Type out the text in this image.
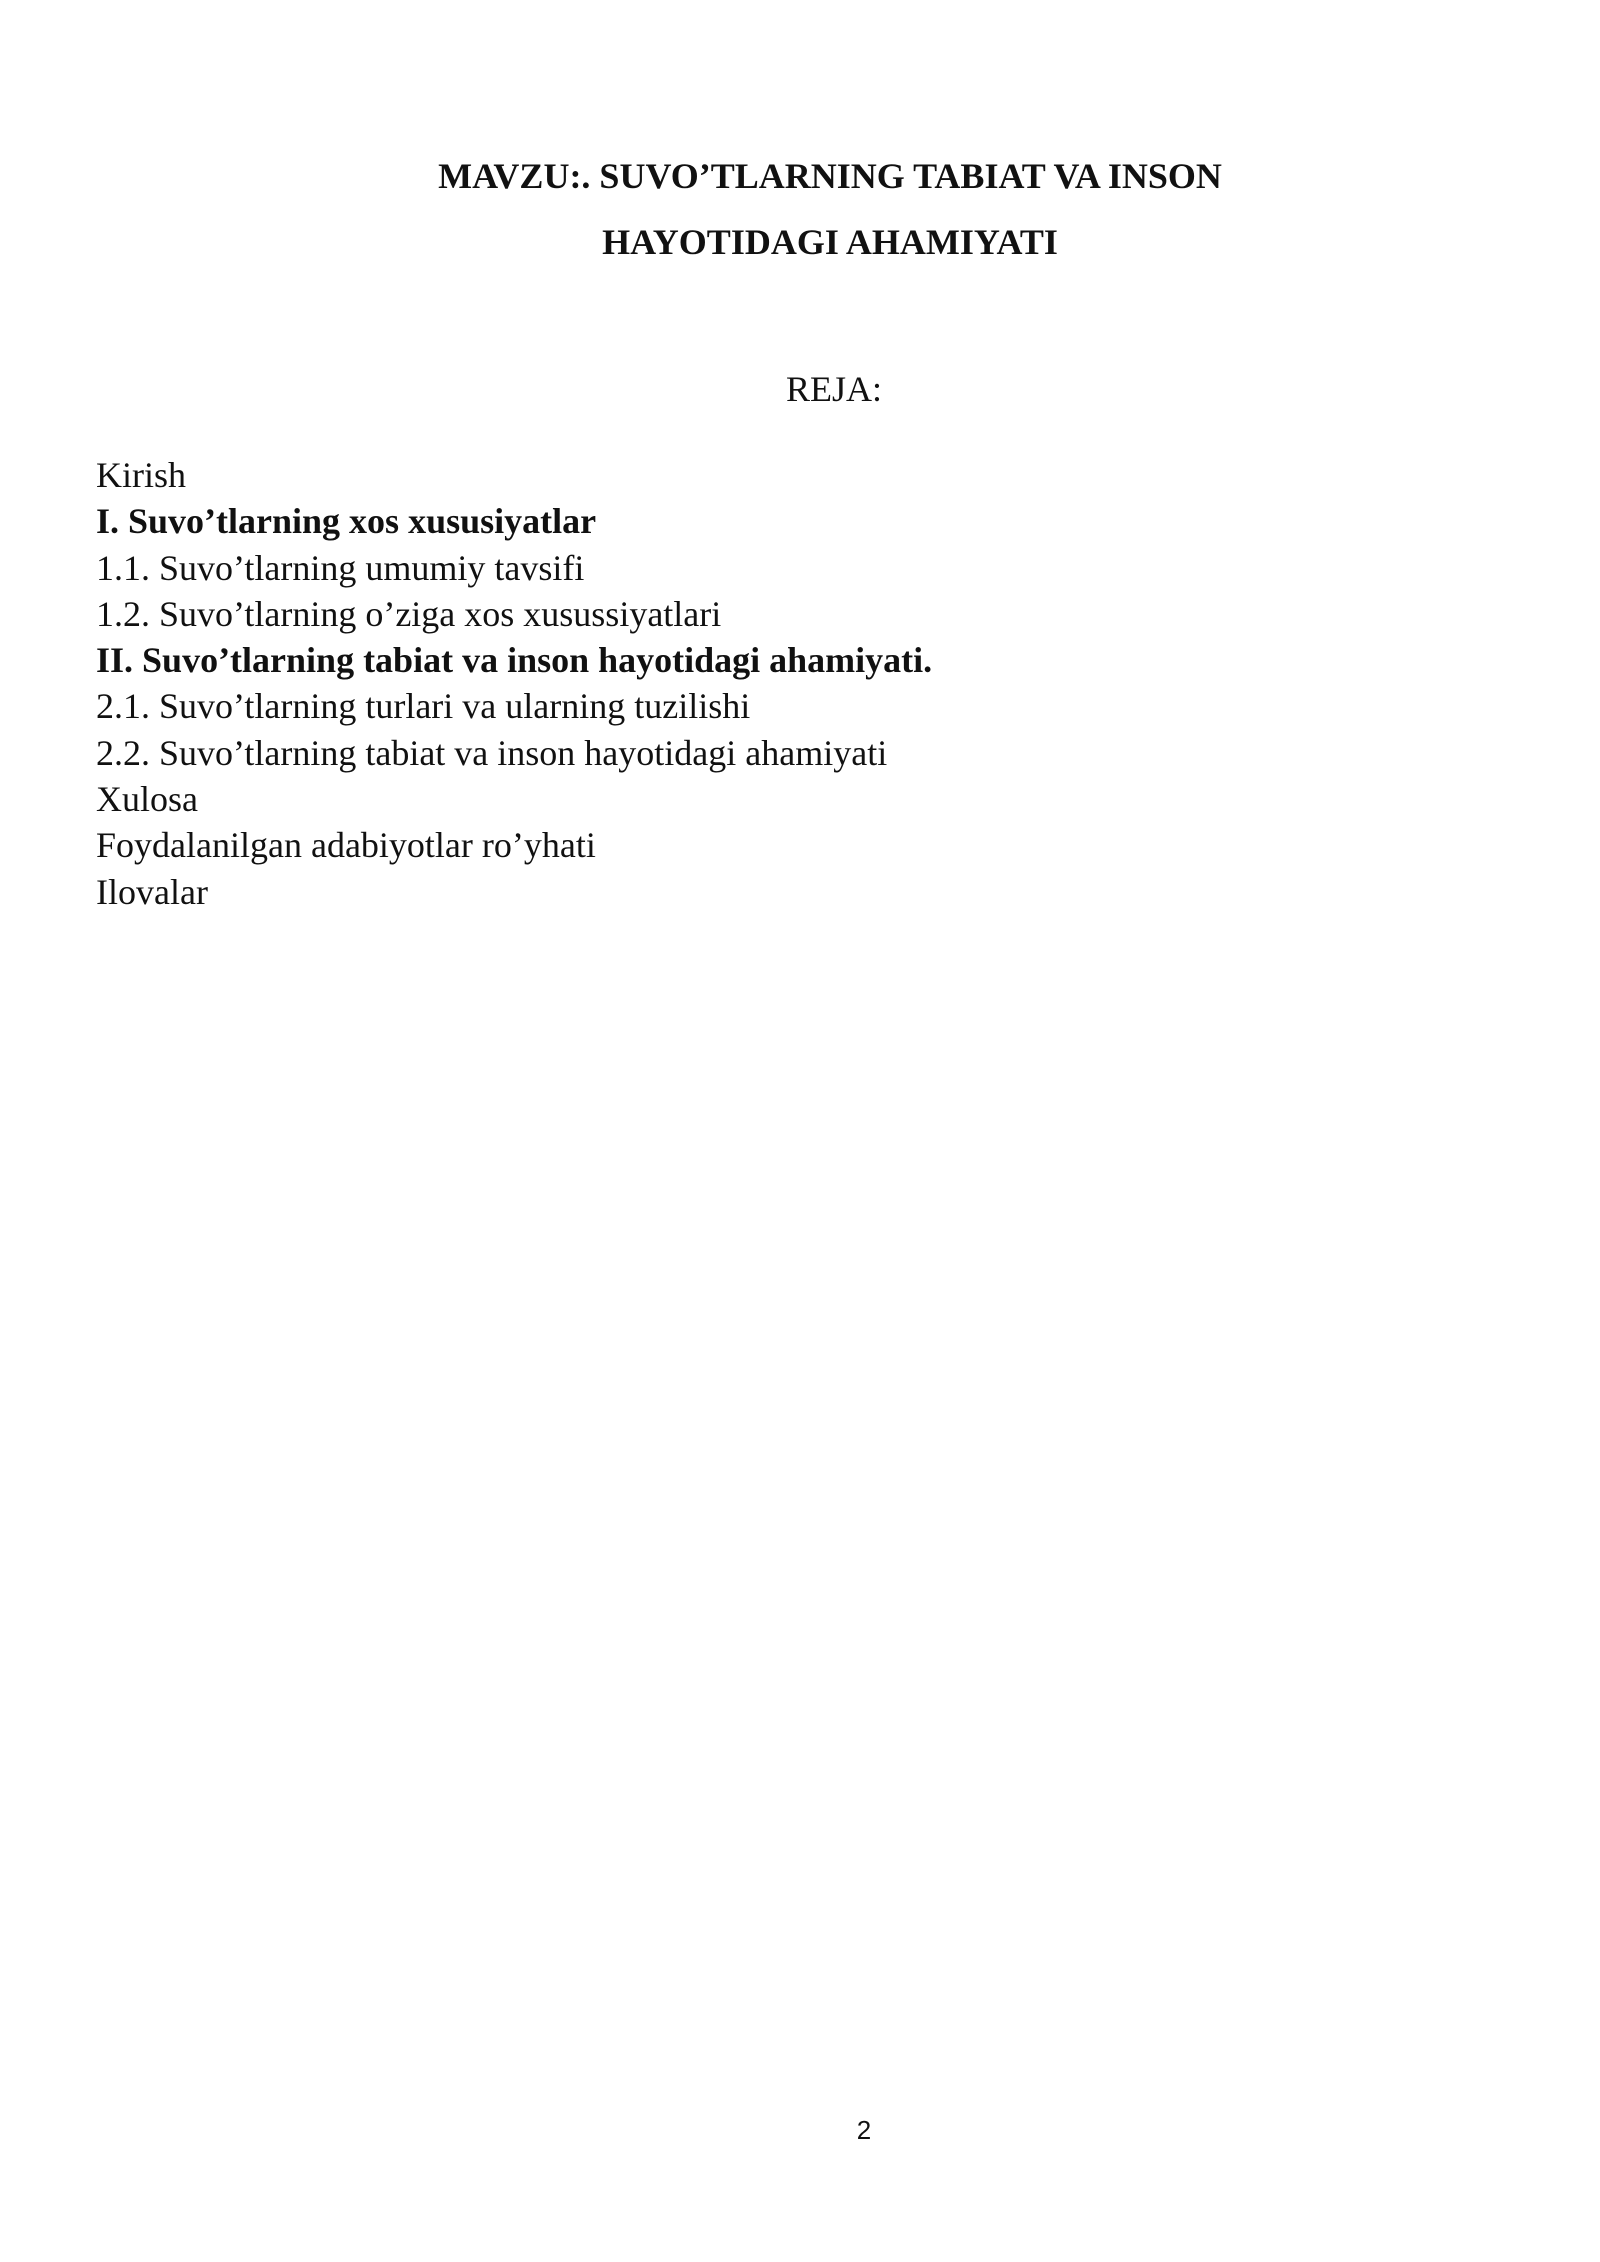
MAVZU:. SUVO’TLARNING TABIAT VA INSON
HAYOTIDAGI AHAMIYATI
REJA:
Kirish
I. Suvo’tlarning xos xususiyatlar
1.1. Suvo’tlarning umumiy tavsifi
1.2. Suvo’tlarning o’ziga xos xusussiyatlari
II. Suvo’tlarning tabiat va inson hayotidagi ahamiyati.
2.1. Suvo’tlarning turlari va ularning tuzilishi
2.2. Suvo’tlarning tabiat va inson hayotidagi ahamiyati
Xulosa
Foydalanilgan adabiyotlar ro’yhati
Ilovalar
2
